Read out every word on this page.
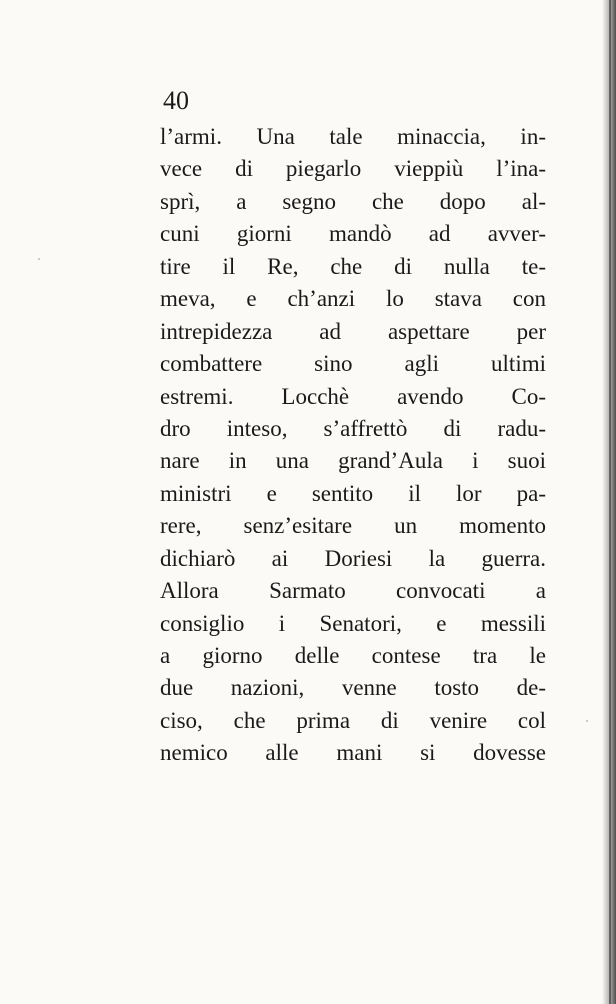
40
l’armi. Una tale minaccia, in-
vece di piegarlo vieppiù l’ina-
sprì, a segno che dopo al-
cuni giorni mandò ad avver-
tire il Re, che di nulla te-
meva, e ch’anzi lo stava con
intrepidezza ad aspettare per
combattere sino agli ultimi
estremi. Locchè avendo Co-
dro inteso, s’affrettò di radu-
nare in una grand’Aula i suoi
ministri e sentito il lor pa-
rere, senz’esitare un momento
dichiarò ai Doriesi la guerra.
Allora Sarmato convocati a
consiglio i Senatori, e messili
a giorno delle contese tra le
due nazioni, venne tosto de-
ciso, che prima di venire col
nemico alle mani si dovesse
